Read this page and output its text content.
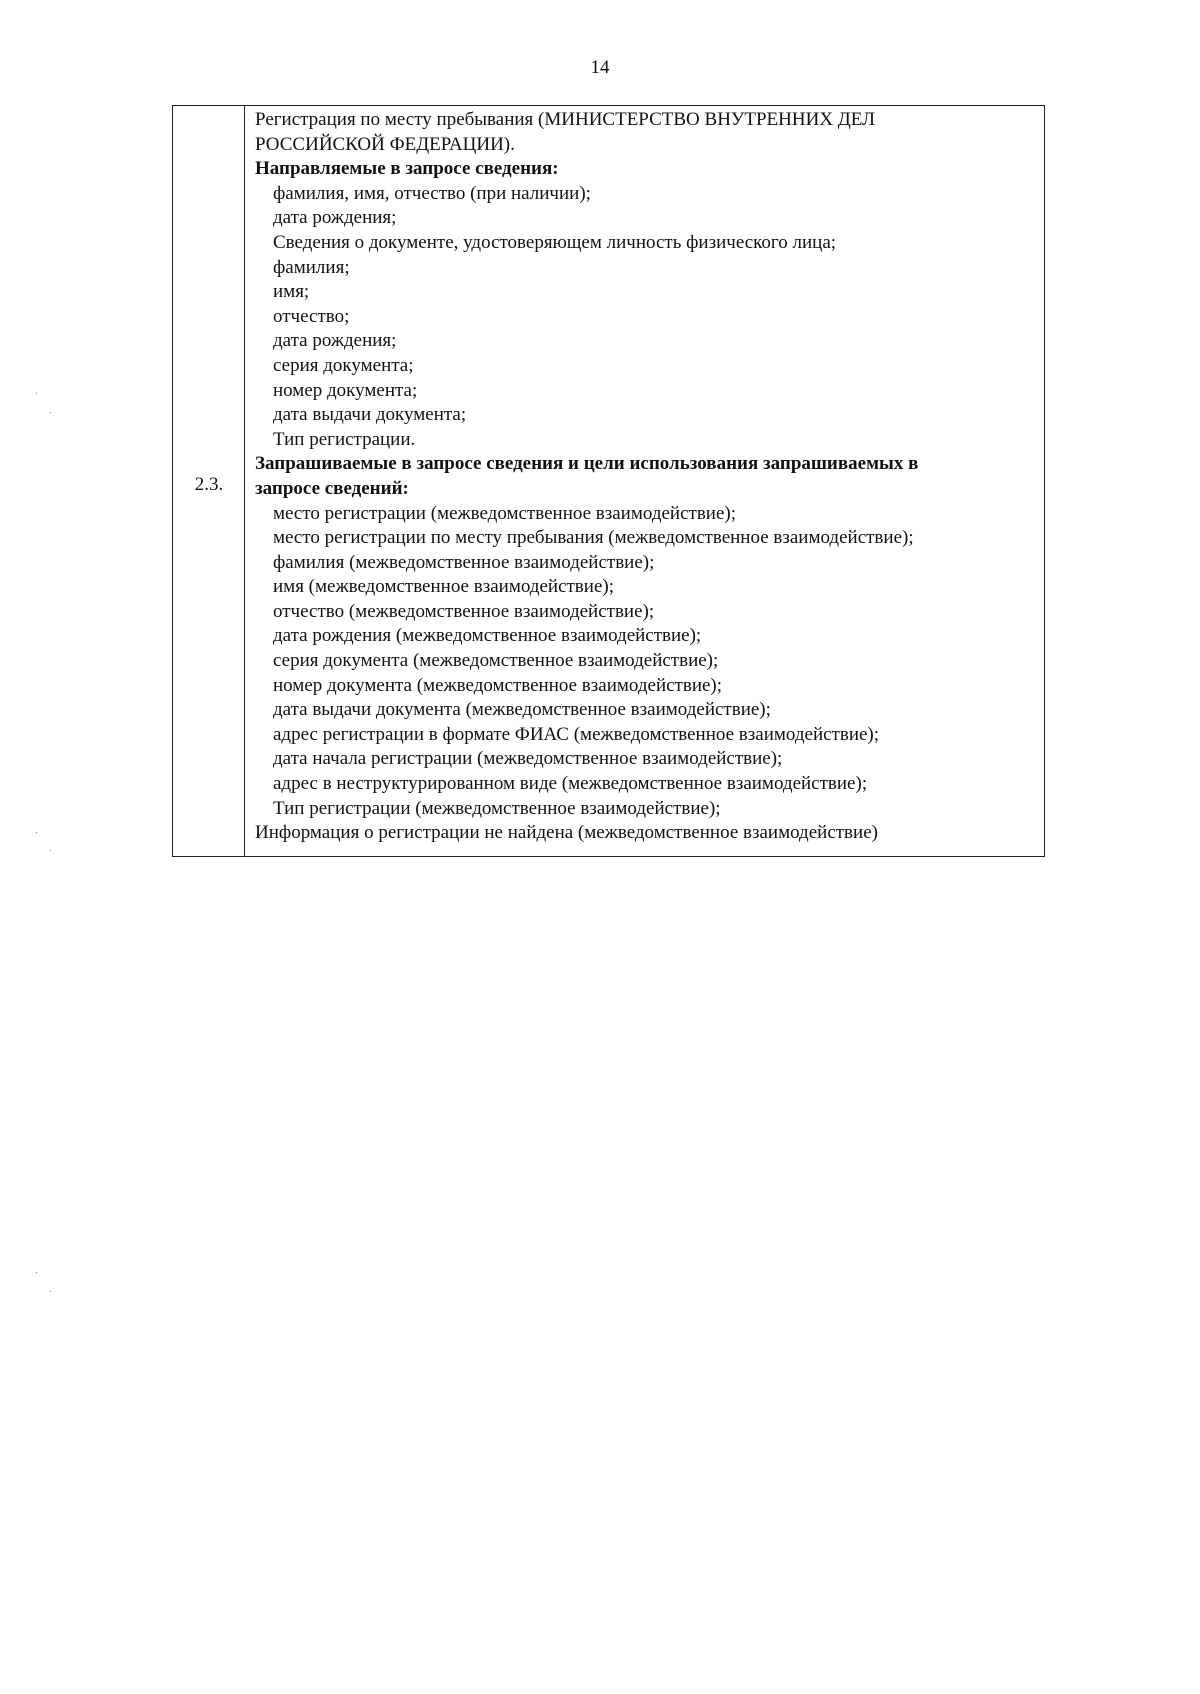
14
2.3.
Регистрация по месту пребывания (МИНИСТЕРСТВО ВНУТРЕННИХ ДЕЛ
РОССИЙСКОЙ ФЕДЕРАЦИИ).
Направляемые в запросе сведения:
фамилия, имя, отчество (при наличии);
дата рождения;
Сведения о документе, удостоверяющем личность физического лица;
фамилия;
имя;
отчество;
дата рождения;
серия документа;
номер документа;
дата выдачи документа;
Тип регистрации.
Запрашиваемые в запросе сведения и цели использования запрашиваемых в
запросе сведений:
место регистрации (межведомственное взаимодействие);
место регистрации по месту пребывания (межведомственное взаимодействие);
фамилия (межведомственное взаимодействие);
имя (межведомственное взаимодействие);
отчество (межведомственное взаимодействие);
дата рождения (межведомственное взаимодействие);
серия документа (межведомственное взаимодействие);
номер документа (межведомственное взаимодействие);
дата выдачи документа (межведомственное взаимодействие);
адрес регистрации в формате ФИАС (межведомственное взаимодействие);
дата начала регистрации (межведомственное взаимодействие);
адрес в неструктурированном виде (межведомственное взаимодействие);
Тип регистрации (межведомственное взаимодействие);
Информация о регистрации не найдена (межведомственное взаимодействие)
